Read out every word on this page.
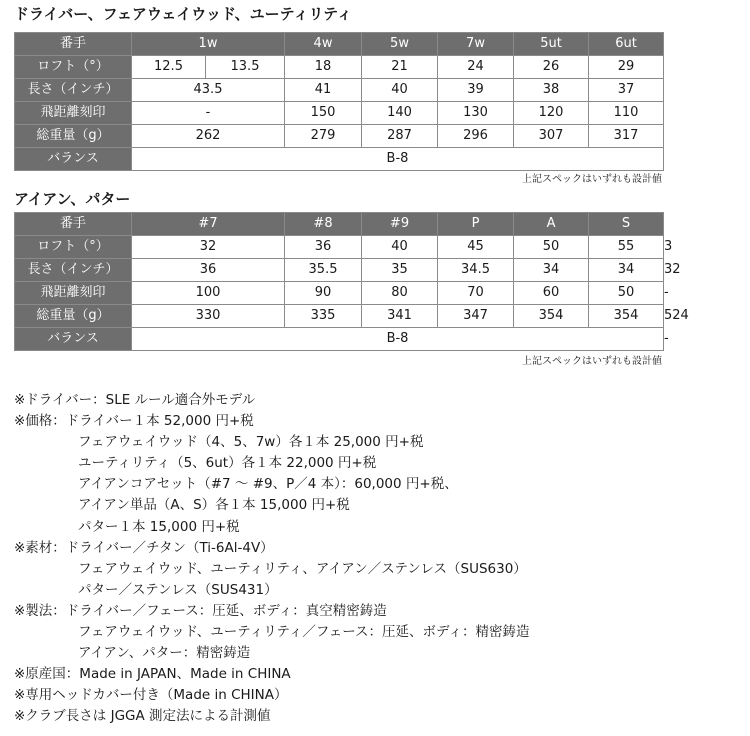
ドライバー、フェアウェイウッド、ユーティリティ
番手	1w		4w	5w	7w	5ut	6ut
ロフト（°）	12.5	13.5	18	21	24	26	29
長さ（インチ）	43.5		41	40	39	38	37
飛距離刻印	-		150	140	130	120	110
総重量（g）	262		279	287	296	307	317
バランス	B-8						
上記スペックはいずれも設計値
アイアン、パター
番手	#7	#8	#9	P	A	S	Pt
ロフト（°）	32	36	40	45	50	55	3
長さ（インチ）	36	35.5	35	34.5	34	34	32
飛距離刻印	100	90	80	70	60	50	-
総重量（g）	330	335	341	347	354	354	524
バランス	B-8						-
上記スペックはいずれも設計値
※ドライバー：SLE ルール適合外モデル
※価格：ドライバー１本 52,000 円+税
フェアウェイウッド（4、5、7w）各１本 25,000 円+税
ユーティリティ（5、6ut）各１本 22,000 円+税
アイアンコアセット（#7 〜 #9、P／4 本）：60,000 円+税、
アイアン単品（A、S）各１本 15,000 円+税
パター１本 15,000 円+税
※素材：ドライバー／チタン（Ti-6Al-4V）
フェアウェイウッド、ユーティリティ、アイアン／ステンレス（SUS630）
パター／ステンレス（SUS431）
※製法：ドライバー／フェース：圧延、ボディ：真空精密鋳造
フェアウェイウッド、ユーティリティ／フェース：圧延、ボディ：精密鋳造
アイアン、パター：精密鋳造
※原産国：Made in JAPAN、Made in CHINA
※専用ヘッドカバー付き（Made in CHINA）
※クラブ長さは JGGA 測定法による計測値
